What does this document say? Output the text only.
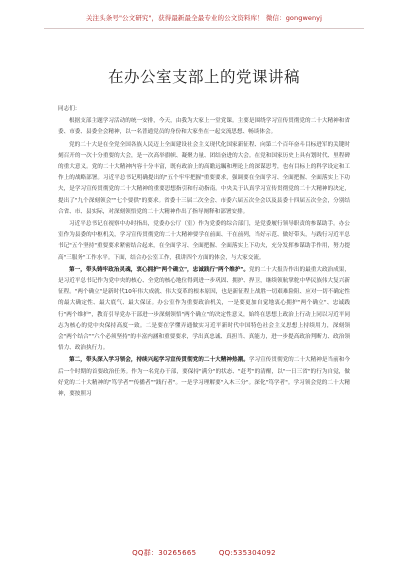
关注头条号"公文研究"，获得最新最全最专业的公文资料库！ 微信：gongwenyj
在办公室支部上的党课讲稿

同志们：

根据支部主题学习活动的统一安排，今天，由我为大家上一堂党课。主要是围绕学习宣传贯彻党的二十大精神和省委、市委、县委全会精神，以一名普通党员的身份和大家坐在一起交流思想、畅谈体会。

党的二十大是在全党全国各族人民迈上全面建设社会主义现代化国家新征程、向第二个百年奋斗目标进军的关键时刻召开的一次十分重要的大会，是一次高举旗帜、凝聚力量、团结奋进的大会。在党和国家历史上具有划时代、里程碑的重大意义。党的二十大精神内容十分丰富，既有政治上的高瞻远瞩和理论上的深谋思考，也有目标上的科学设定和工作上的战略部署。习近平总书记明确提出的"五个牢牢把握"重要要求，强调要在全面学习、全面把握、全面落实上下功夫，是学习宣传贯彻党的二十大精神的重要思想指引和行动指南。中央关于认真学习宣传贯彻党的二十大精神的决定，提出了"九个深刻领会""七个要供"的要求。省委十三届二次全会、市委六届五次全会以及县委十四届五次全会，分别结合省、市、县实际，对深刻领悟党的二十大精神作出了指导阐释和部署安排。

习近平总书记在视察中办时指出，党委办公厅（室）作为党委的综合部门，是党委履行领导职责的参谋助手。办公室作为县委的中枢机关，学习宣传贯彻党的二十大精神要学在前面、干在前列，当好示范、做好带头，与践行习近平总书记"五个坚持"重要要求紧密结合起来，在全面学习、全面把握、全面落实上下功夫，充分发挥参谋助手作用，努力提高"三服务"工作水平。下面，结合办公室工作，我讲四个方面的体会，与大家交流。

第一，带头铸牢政治灵魂，衷心拥护"两个确立"，忠诚践行"两个维护"。党的二十大报告作出的最重大政治成果，是习近平总书记作为党中央的核心、全党的核心地位得到进一步巩固、拥护、捍卫，继续领航掌舵中华民族伟大复兴新征程。"两个确立"是新时代10年伟大成就、伟大变革的根本原因，也是新征程上战胜一切艰难险阻、应对一切不确定性的最大确定性、最大底气、最大保证。办公室作为重要政治机关，一是要更加自觉地衷心拥护"两个确立"、忠诚践行"两个维护"，教育引导党办干部进一步深刻领悟"两个确立"的决定性意义，始终在思想上政治上行动上同以习近平同志为核心的党中央保持高度一致。二是要在学懂弄通做实习近平新时代中国特色社会主义思想上持续用力，深刻领会"两个结合""六个必须坚持"的丰富内涵和重要要求，学出真忠诚、真担当、真能力，进一步提高政治判断力、政治领悟力、政治执行力。

第二，带头深入学习领会，持续兴起学习宣传贯彻党的二十大精神热潮。学习宣传贯彻党的二十大精神是当前和今后一个时期的首要政治任务。作为一名党办干部，要保持"满分"的状态、"赶考"的清醒，以"一日三省"的行为自觉，做好党的二十大精神的"笃学者""传播者""践行者"。一是学习理解要"入木三分"。深化"笃学者"。学习领会党的二十大精神，要按照习

QQ群：30265665	QQ:535304092
